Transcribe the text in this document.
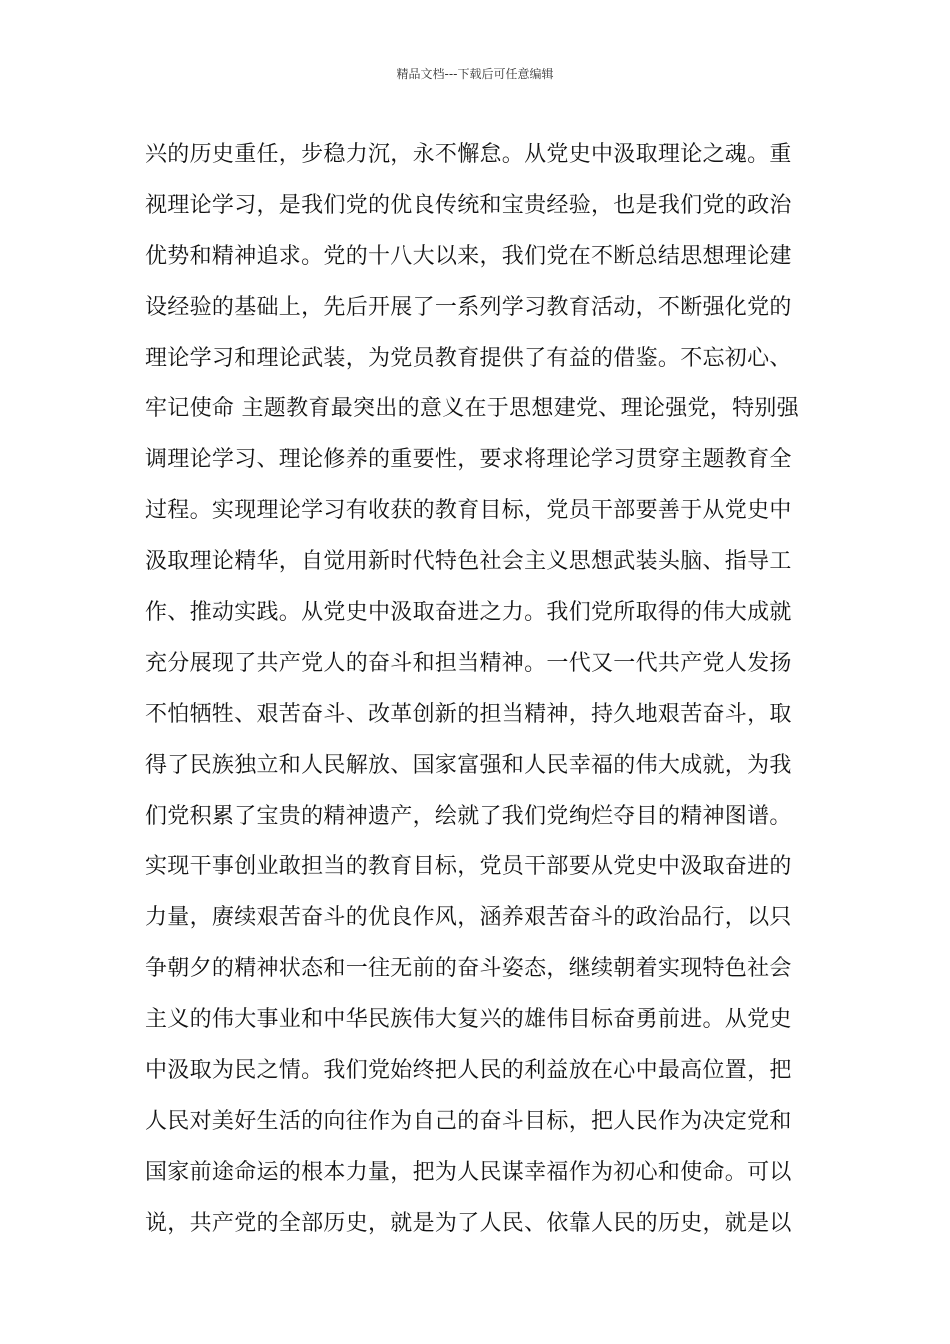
精品文档---下载后可任意编辑
兴的历史重任，步稳力沉，永不懈怠。从党史中汲取理论之魂。重
视理论学习，是我们党的优良传统和宝贵经验，也是我们党的政治
优势和精神追求。党的十八大以来，我们党在不断总结思想理论建
设经验的基础上，先后开展了一系列学习教育活动，不断强化党的
理论学习和理论武装，为党员教育提供了有益的借鉴。不忘初心、
牢记使命 主题教育最突出的意义在于思想建党、理论强党，特别强
调理论学习、理论修养的重要性，要求将理论学习贯穿主题教育全
过程。实现理论学习有收获的教育目标，党员干部要善于从党史中
汲取理论精华，自觉用新时代特色社会主义思想武装头脑、指导工
作、推动实践。从党史中汲取奋进之力。我们党所取得的伟大成就
充分展现了共产党人的奋斗和担当精神。一代又一代共产党人发扬
不怕牺牲、艰苦奋斗、改革创新的担当精神，持久地艰苦奋斗，取
得了民族独立和人民解放、国家富强和人民幸福的伟大成就，为我
们党积累了宝贵的精神遗产，绘就了我们党绚烂夺目的精神图谱。
实现干事创业敢担当的教育目标，党员干部要从党史中汲取奋进的
力量，赓续艰苦奋斗的优良作风，涵养艰苦奋斗的政治品行，以只
争朝夕的精神状态和一往无前的奋斗姿态，继续朝着实现特色社会
主义的伟大事业和中华民族伟大复兴的雄伟目标奋勇前进。从党史
中汲取为民之情。我们党始终把人民的利益放在心中最高位置，把
人民对美好生活的向往作为自己的奋斗目标，把人民作为决定党和
国家前途命运的根本力量，把为人民谋幸福作为初心和使命。可以
说，共产党的全部历史，就是为了人民、依靠人民的历史，就是以
